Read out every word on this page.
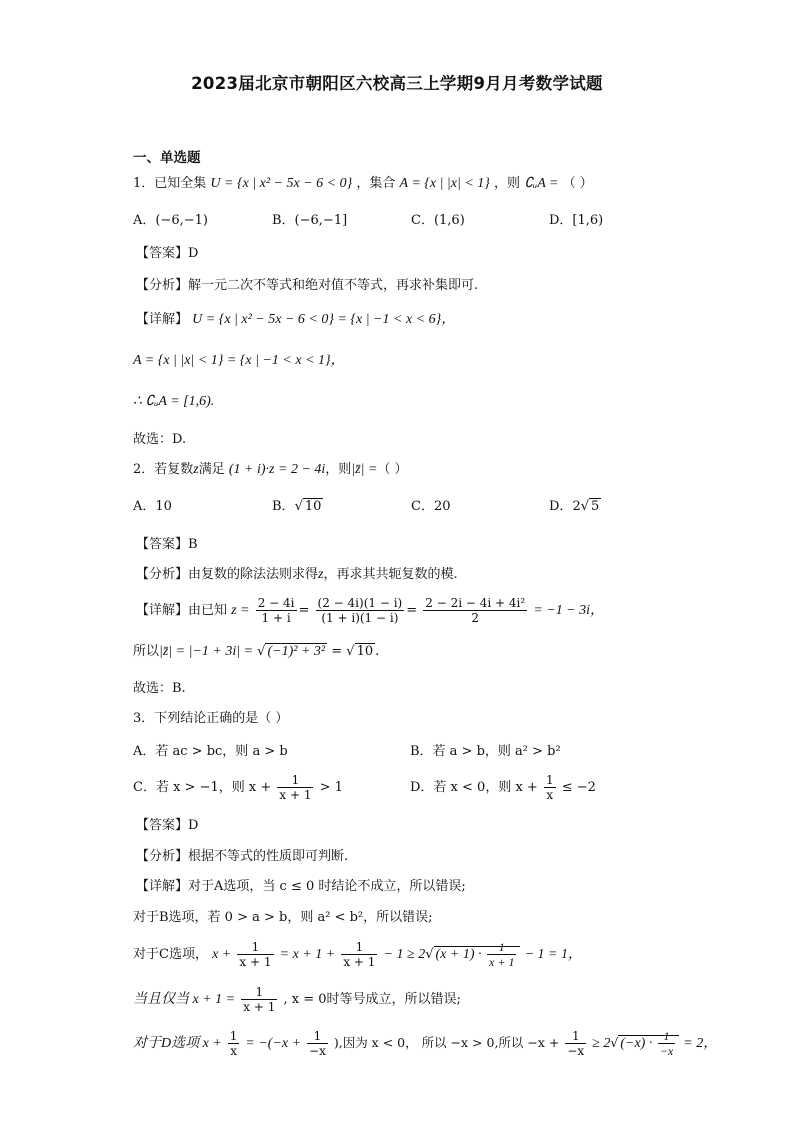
2023届北京市朝阳区六校高三上学期9月月考数学试题
一、单选题
1．已知全集 U = {x | x² − 5x − 6 < 0} ，集合 A = {x | |x| < 1} ，则 ∁ᵤA = （ ）
A．(−6,−1)	B．(−6,−1]	C．(1,6)	D．[1,6)
【答案】D
【分析】解一元二次不等式和绝对值不等式，再求补集即可.
【详解】 U = {x | x² − 5x − 6 < 0} = {x | −1 < x < 6}，
A = {x | |x| < 1} = {x | −1 < x < 1}，
∴ ∁ᵤA = [1,6).
故选：D.
2．若复数z满足 (1 + i)·z = 2 − 4i，则|z̄| =（ ）
A．10	B．√ 10	C．20	D．2√ 5
【答案】B
【分析】由复数的除法法则求得z，再求其共轭复数的模.
【详解】由已知 $z = \frac{2 - 4i}{1 + i} = \frac{(2 - 4i)(1 - i)}{(1 + i)(1 - i)} = \frac{\text{2 − 2i − 4i + 4i²}}{2} = -1 - 3i$，
所以|z̄| = |−1 + 3i| = √ (−1)² + 3² = √ 10 .
故选：B.
3．下列结论正确的是（ ）
A．若 ac > bc，则 a > b	B．若 a > b，则 a² > b²
C．若 x > −1，则 $x + \frac{1}{x + 1} > 1$	D．若 x < 0，则 $x + \frac{1}{x} \le -2$
【答案】D
【分析】根据不等式的性质即可判断.
【详解】对于A选项，当 c ≤ 0 时结论不成立，所以错误;
对于B选项，若 0 > a > b，则 a² < b²，所以错误;
对于C选项， $x + \frac{1}{x + 1} = x + 1 + \frac{1}{x + 1} - 1 \ge 2√$ $(x + 1) \cdot \frac{1}{x + 1} - 1 = 1$，
当且仅当 $x + 1 = \frac{1}{x + 1}$ , x = 0时等号成立，所以错误;
对于D选项 $x + \frac{1}{x} = -(-x + \frac{1}{-x}$ ),因为 x < 0， 所以 −x > 0,所以 $-x + \frac{1}{-x} \ge 2√$ $(-x) \cdot \frac{1}{-x} = 2$，
